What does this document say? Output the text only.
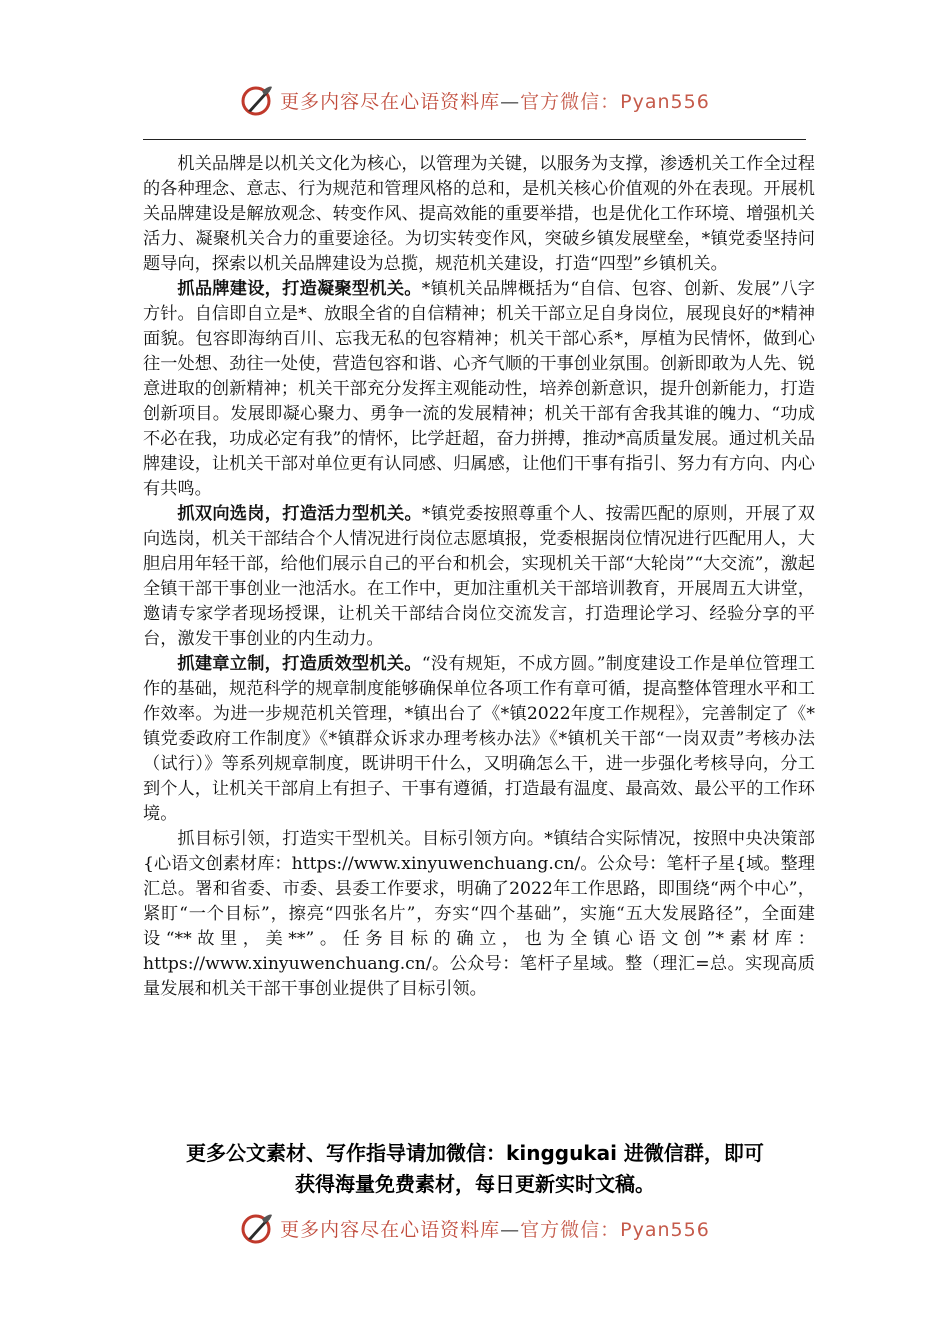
更多内容尽在心语资料库—官方微信：Pyan556

机关品牌是以机关文化为核心，以管理为关键，以服务为支撑，渗透机关工作全过程的各种理念、意志、行为规范和管理风格的总和，是机关核心价值观的外在表现。开展机关品牌建设是解放观念、转变作风、提高效能的重要举措，也是优化工作环境、增强机关活力、凝聚机关合力的重要途径。为切实转变作风，突破乡镇发展壁垒，*镇党委坚持问题导向，探索以机关品牌建设为总揽，规范机关建设，打造“四型”乡镇机关。

抓品牌建设，打造凝聚型机关。*镇机关品牌概括为“自信、包容、创新、发展”八字方针。自信即自立是*、放眼全省的自信精神；机关干部立足自身岗位，展现良好的*精神面貌。包容即海纳百川、忘我无私的包容精神；机关干部心系*，厚植为民情怀，做到心往一处想、劲往一处使，营造包容和谐、心齐气顺的干事创业氛围。创新即敢为人先、锐意进取的创新精神；机关干部充分发挥主观能动性，培养创新意识，提升创新能力，打造创新项目。发展即凝心聚力、勇争一流的发展精神；机关干部有舍我其谁的魄力、“功成不必在我，功成必定有我”的情怀，比学赶超，奋力拼搏，推动*高质量发展。通过机关品牌建设，让机关干部对单位更有认同感、归属感，让他们干事有指引、努力有方向、内心有共鸣。

抓双向选岗，打造活力型机关。*镇党委按照尊重个人、按需匹配的原则，开展了双向选岗，机关干部结合个人情况进行岗位志愿填报，党委根据岗位情况进行匹配用人，大胆启用年轻干部，给他们展示自己的平台和机会，实现机关干部“大轮岗”“大交流”，激起全镇干部干事创业一池活水。在工作中，更加注重机关干部培训教育，开展周五大讲堂，邀请专家学者现场授课，让机关干部结合岗位交流发言，打造理论学习、经验分享的平台，激发干事创业的内生动力。

抓建章立制，打造质效型机关。“没有规矩，不成方圆。”制度建设工作是单位管理工作的基础，规范科学的规章制度能够确保单位各项工作有章可循，提高整体管理水平和工作效率。为进一步规范机关管理，*镇出台了《*镇2022年度工作规程》，完善制定了《*镇党委政府工作制度》《*镇群众诉求办理考核办法》《*镇机关干部“一岗双责”考核办法（试行）》等系列规章制度，既讲明干什么，又明确怎么干，进一步强化考核导向，分工到个人，让机关干部肩上有担子、干事有遵循，打造最有温度、最高效、最公平的工作环境。

抓目标引领，打造实干型机关。目标引领方向。*镇结合实际情况，按照中央决策部{心语文创素材库：https://www.xinyuwenchuang.cn/。公众号：笔杆子星{域。整理汇总。署和省委、市委、县委工作要求，明确了2022年工作思路，即围绕“两个中心”，紧盯“一个目标”，擦亮“四张名片”，夯实“四个基础”，实施“五大发展路径”，全面建设“**故里，美**”。任务目标的确立，也为全镇心语文创”*素材库：https://www.xinyuwenchuang.cn/。公众号：笔杆子星域。整（理汇=总。实现高质量发展和机关干部干事创业提供了目标引领。

更多公文素材、写作指导请加微信：kinggukai 进微信群，即可
获得海量免费素材，每日更新实时文稿。
更多内容尽在心语资料库—官方微信：Pyan556
